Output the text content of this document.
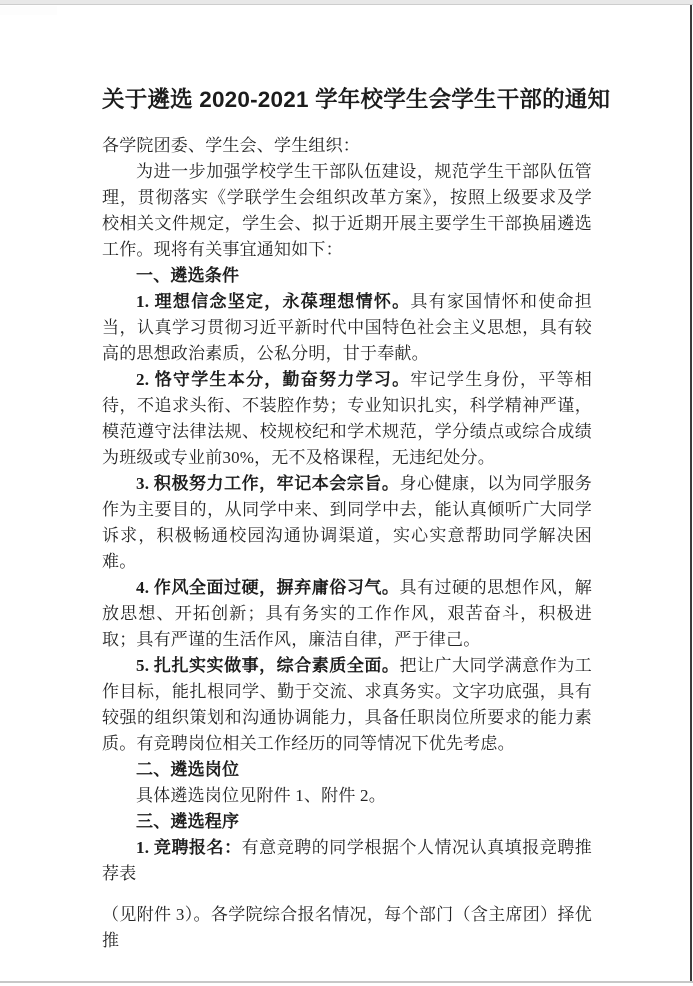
关于遴选 2020-2021 学年校学生会学生干部的通知

各学院团委、学生会、学生组织：

为进一步加强学校学生干部队伍建设，规范学生干部队伍管理，贯彻落实《学联学生会组织改革方案》，按照上级要求及学校相关文件规定，学生会、拟于近期开展主要学生干部换届遴选工作。现将有关事宜通知如下：

一、遴选条件

1. 理想信念坚定，永葆理想情怀。具有家国情怀和使命担当，认真学习贯彻习近平新时代中国特色社会主义思想，具有较高的思想政治素质，公私分明，甘于奉献。

2. 恪守学生本分，勤奋努力学习。牢记学生身份，平等相待，不追求头衔、不装腔作势；专业知识扎实，科学精神严谨，模范遵守法律法规、校规校纪和学术规范，学分绩点或综合成绩为班级或专业前30%，无不及格课程，无违纪处分。

3. 积极努力工作，牢记本会宗旨。身心健康，以为同学服务作为主要目的，从同学中来、到同学中去，能认真倾听广大同学诉求，积极畅通校园沟通协调渠道，实心实意帮助同学解决困难。

4. 作风全面过硬，摒弃庸俗习气。具有过硬的思想作风，解放思想、开拓创新；具有务实的工作作风，艰苦奋斗，积极进取；具有严谨的生活作风，廉洁自律，严于律己。

5. 扎扎实实做事，综合素质全面。把让广大同学满意作为工作目标，能扎根同学、勤于交流、求真务实。文字功底强，具有较强的组织策划和沟通协调能力，具备任职岗位所要求的能力素质。有竞聘岗位相关工作经历的同等情况下优先考虑。

二、遴选岗位

具体遴选岗位见附件 1、附件 2。

三、遴选程序

1. 竞聘报名：有意竞聘的同学根据个人情况认真填报竞聘推荐表

（见附件 3）。各学院综合报名情况，每个部门（含主席团）择优推
